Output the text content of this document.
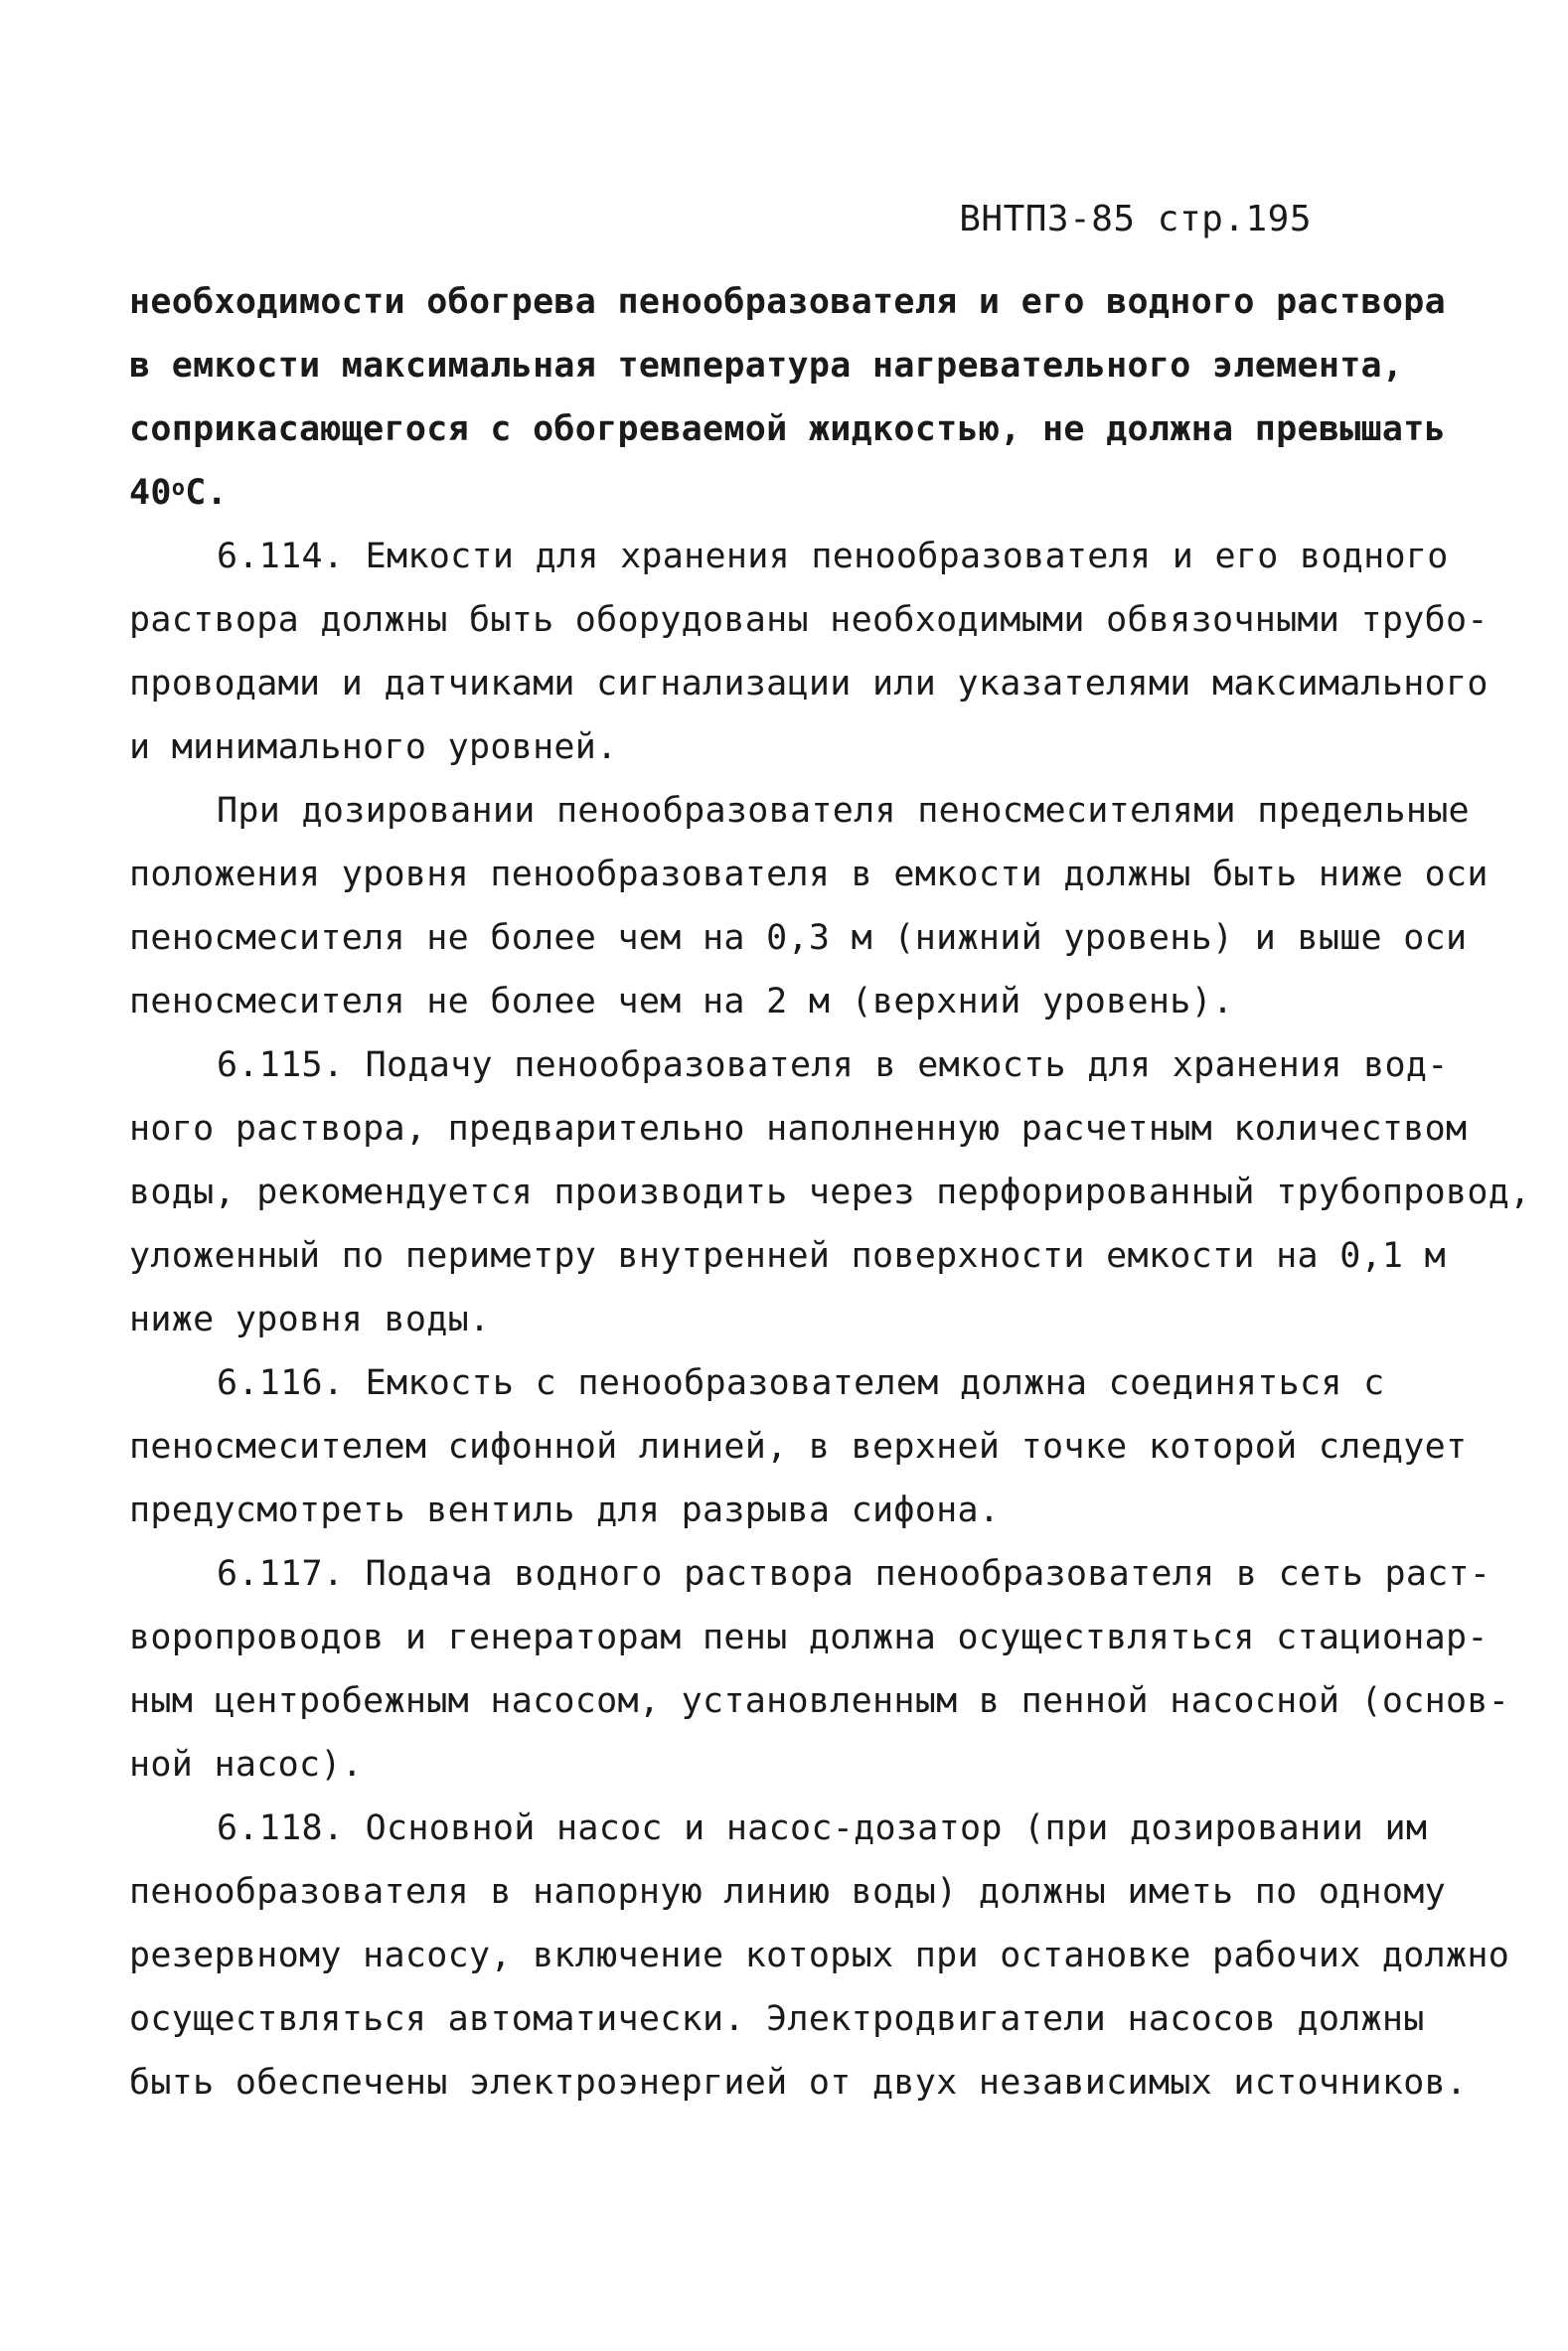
ВНТПЗ-85 стр.195
необходимости обогрева пенообразователя и его водного раствора
в емкости максимальная температура нагревательного элемента,
соприкасающегося с обогреваемой жидкостью, не должна превышать
$40^оС$.
6.114. Емкости для хранения пенообразователя и его водного
раствора должны быть оборудованы необходимыми обвязочными трубо-
проводами и датчиками сигнализации или указателями максимального
и минимального уровней.
При дозировании пенообразователя пеносмесителями предельные
положения уровня пенообразователя в емкости должны быть ниже оси
пеносмесителя не более чем на 0,3 м (нижний уровень) и выше оси
пеносмесителя не более чем на 2 м (верхний уровень).
6.115. Подачу пенообразователя в емкость для хранения вод-
ного раствора, предварительно наполненную расчетным количеством
воды, рекомендуется производить через перфорированный трубопровод,
уложенный по периметру внутренней поверхности емкости на 0,1 м
ниже уровня воды.
6.116. Емкость с пенообразователем должна соединяться с
пеносмесителем сифонной линией, в верхней точке которой следует
предусмотреть вентиль для разрыва сифона.
6.117. Подача водного раствора пенообразователя в сеть раст-
воропроводов и генераторам пены должна осуществляться стационар-
ным центробежным насосом, установленным в пенной насосной (основ-
ной насос).
6.118. Основной насос и насос-дозатор (при дозировании им
пенообразователя в напорную линию воды) должны иметь по одному
резервному насосу, включение которых при остановке рабочих должно
осуществляться автоматически. Электродвигатели насосов должны
быть обеспечены электроэнергией от двух независимых источников.
